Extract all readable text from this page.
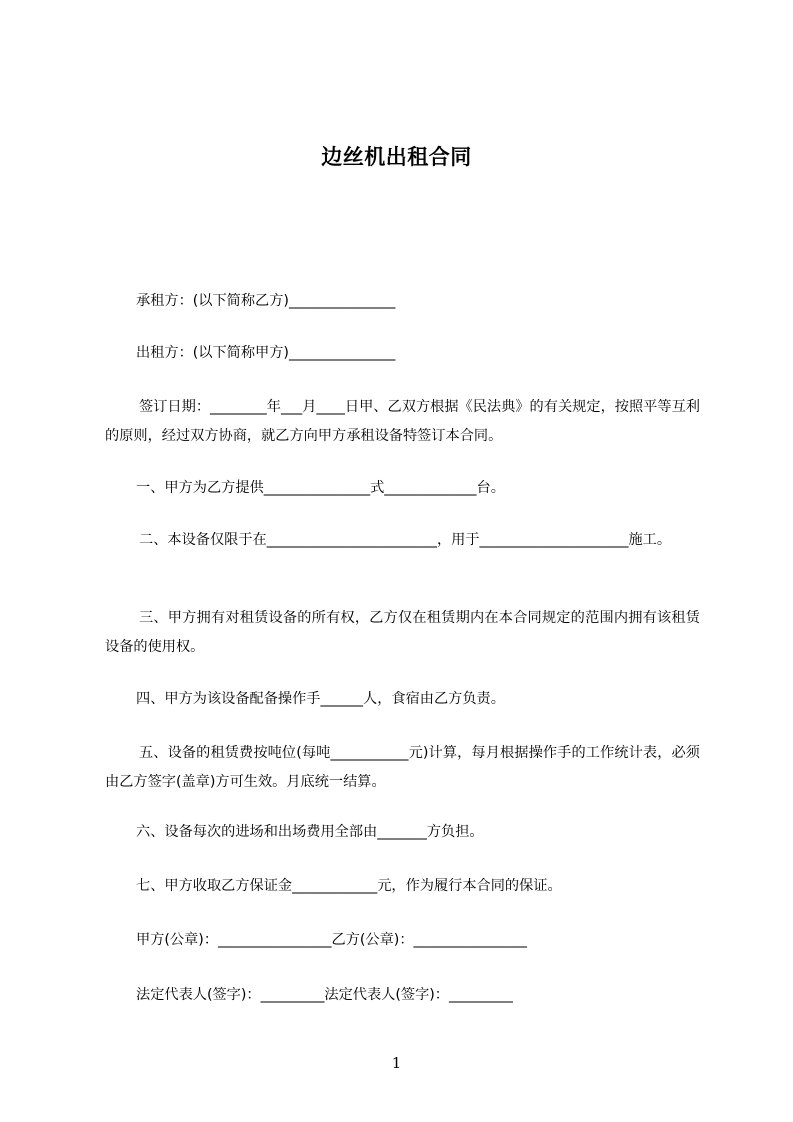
边丝机出租合同
承租方：(以下简称乙方)_______________
出租方：(以下简称甲方)_______________
签订日期：________年___月____日甲、乙双方根据《民法典》的有关规定，按照平等互利的原则，经过双方协商，就乙方向甲方承租设备特签订本合同。
一、甲方为乙方提供_______________式_____________台。
二、本设备仅限于在________________________，用于_____________________施工。
三、甲方拥有对租赁设备的所有权，乙方仅在租赁期内在本合同规定的范围内拥有该租赁设备的使用权。
四、甲方为该设备配备操作手______人，食宿由乙方负责。
五、设备的租赁费按吨位(每吨___________元)计算，每月根据操作手的工作统计表，必须由乙方签字(盖章)方可生效。月底统一结算。
六、设备每次的进场和出场费用全部由_______方负担。
七、甲方收取乙方保证金____________元，作为履行本合同的保证。
甲方(公章)：________________乙方(公章)：________________
法定代表人(签字)：_________法定代表人(签字)：_________
1
